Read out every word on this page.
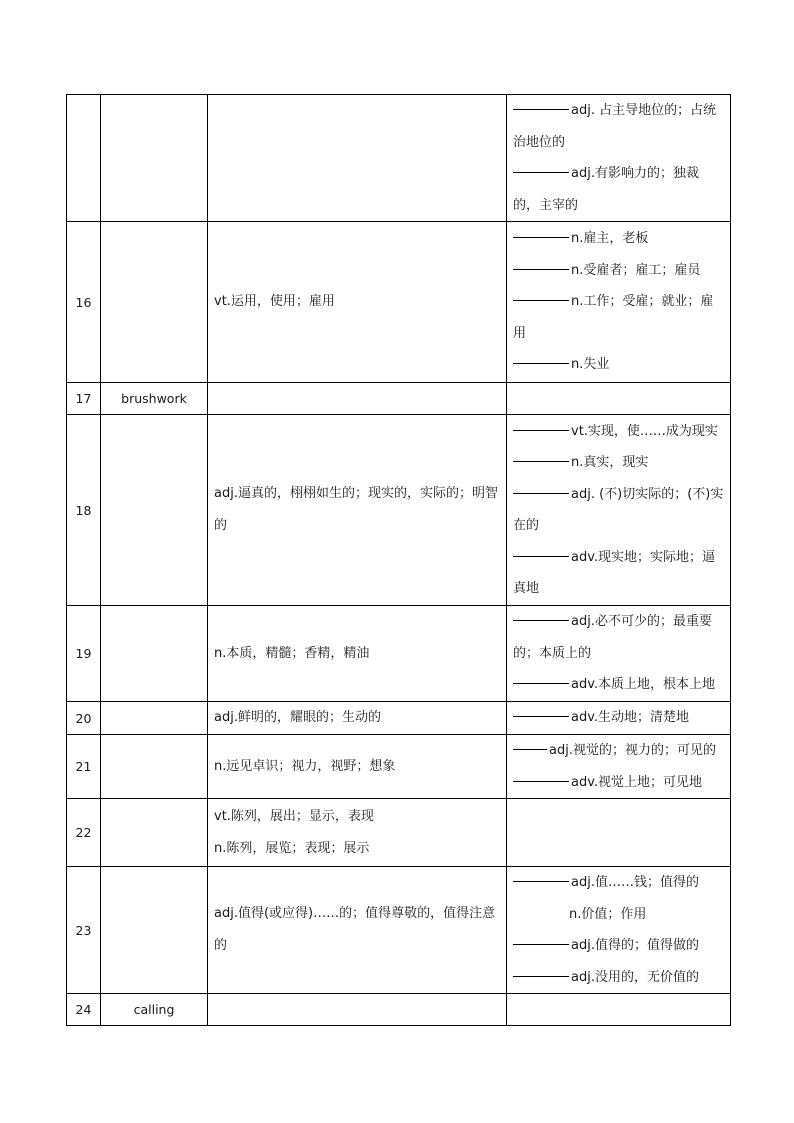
			adj. 占主导地位的；占统治地位的
adj.有影响力的；独裁的，主宰的

16		vt.运用，使用；雇用	n.雇主，老板
n.受雇者；雇工；雇员
n.工作；受雇；就业；雇用
n.失业

17	brushwork		
18		adj.逼真的，栩栩如生的；现实的，实际的；明智的	vt.实现，使……成为现实
n.真实，现实
adj. (不)切实际的；(不)实在的
adv.现实地；实际地；逼真地

19		n.本质，精髓；香精，精油	adj.必不可少的；最重要的；本质上的
adv.本质上地，根本上地

20		adj.鲜明的，耀眼的；生动的	adv.生动地；清楚地

21		n.远见卓识；视力，视野；想象	adj.视觉的；视力的；可见的
adv.视觉上地；可见地

22		vt.陈列，展出；显示，表现
n.陈列，展览；表现；展示	

23		adj.值得(或应得)……的；值得尊敬的，值得注意的	adj.值……钱；值得的
n.价值；作用
adj.值得的；值得做的
adj.没用的，无价值的

24	calling		
